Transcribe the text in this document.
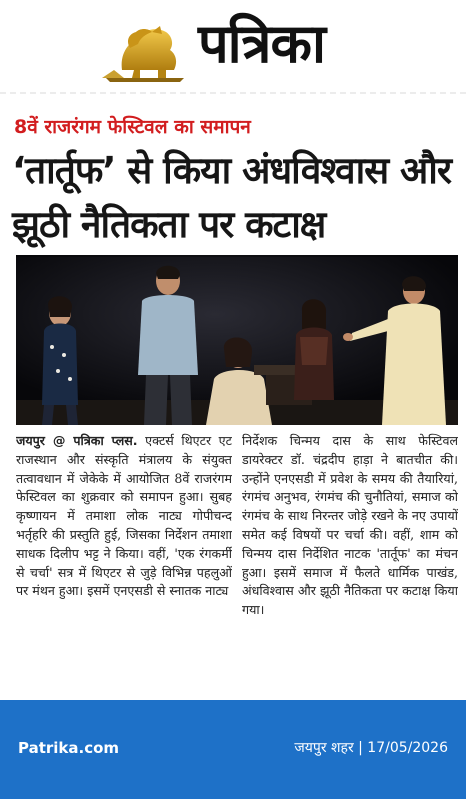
पत्रिका
8वें राजरंगम फेस्टिवल का समापन
‘तार्तूफ’ से किया अंधविश्वास और झूठी नैतिकता पर कटाक्ष

जयपुर @ पत्रिका प्लस. एक्टर्स थिएटर एट राजस्थान और संस्कृति मंत्रालय के संयुक्त तत्वावधान में जेकेके में आयोजित 8वें राजरंगम फेस्टिवल का शुक्रवार को समापन हुआ। सुबह कृष्णायन में तमाशा लोक नाट्य गोपीचन्द भर्तृहरि की प्रस्तुति हुई, जिसका निर्देशन तमाशा साधक दिलीप भट्ट ने किया। वहीं, 'एक रंगकर्मी से चर्चा' सत्र में थिएटर से जुड़े विभिन्न पहलुओं पर मंथन हुआ। इसमें एनएसडी से स्नातक नाट्य

निर्देशक चिन्मय दास के साथ फेस्टिवल डायरेक्टर डॉ. चंद्रदीप हाड़ा ने बातचीत की। उन्होंने एनएसडी में प्रवेश के समय की तैयारियां, रंगमंच अनुभव, रंगमंच की चुनौतियां, समाज को रंगमंच के साथ निरन्तर जोड़े रखने के नए उपायों समेत कई विषयों पर चर्चा की। वहीं, शाम को चिन्मय दास निर्देशित नाटक 'तार्तूफ' का मंचन हुआ। इसमें समाज में फैलते धार्मिक पाखंड, अंधविश्वास और झूठी नैतिकता पर कटाक्ष किया गया।

Patrika.com	जयपुर शहर | 17/05/2026
